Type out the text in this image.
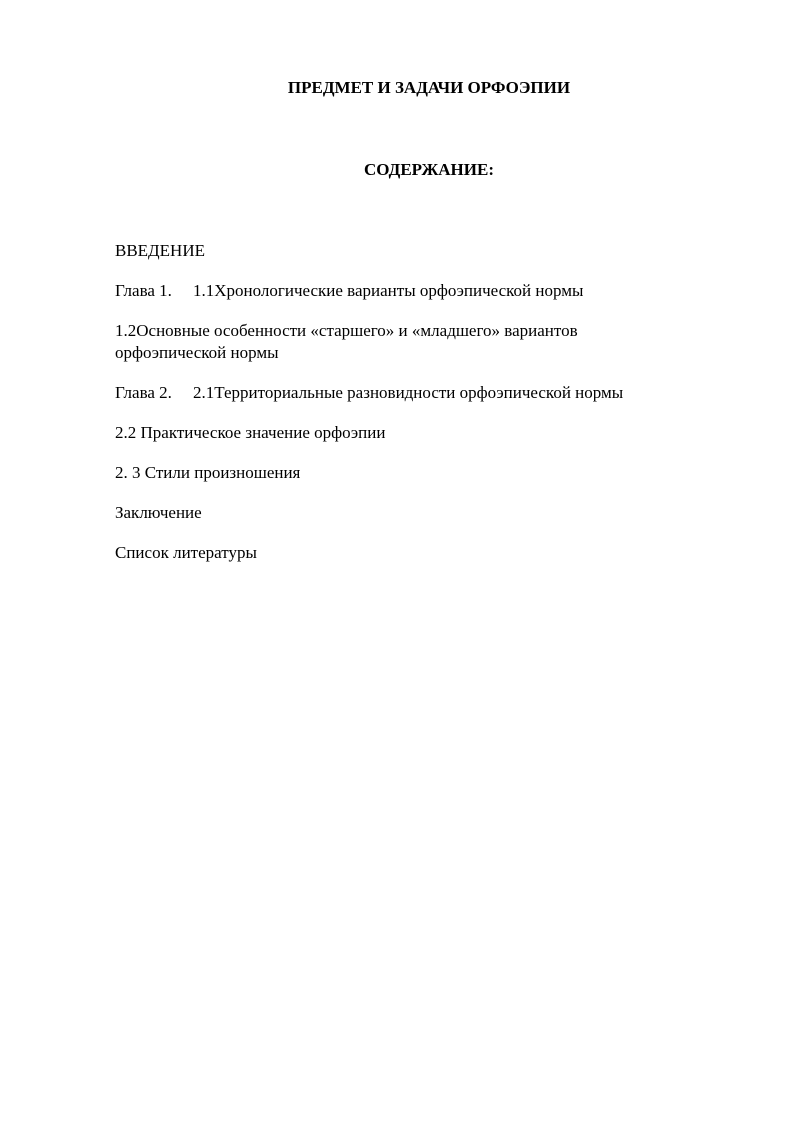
ПРЕДМЕТ И ЗАДАЧИ ОРФОЭПИИ
СОДЕРЖАНИЕ:

ВВЕДЕНИЕ

Глава 1. 1.1Хронологические варианты орфоэпической нормы

1.2Основные особенности «старшего» и «младшего» вариантов
орфоэпической нормы

Глава 2. 2.1Территориальные разновидности орфоэпической нормы

2.2 Практическое значение орфоэпии

2. 3 Стили произношения

Заключение

Список литературы
